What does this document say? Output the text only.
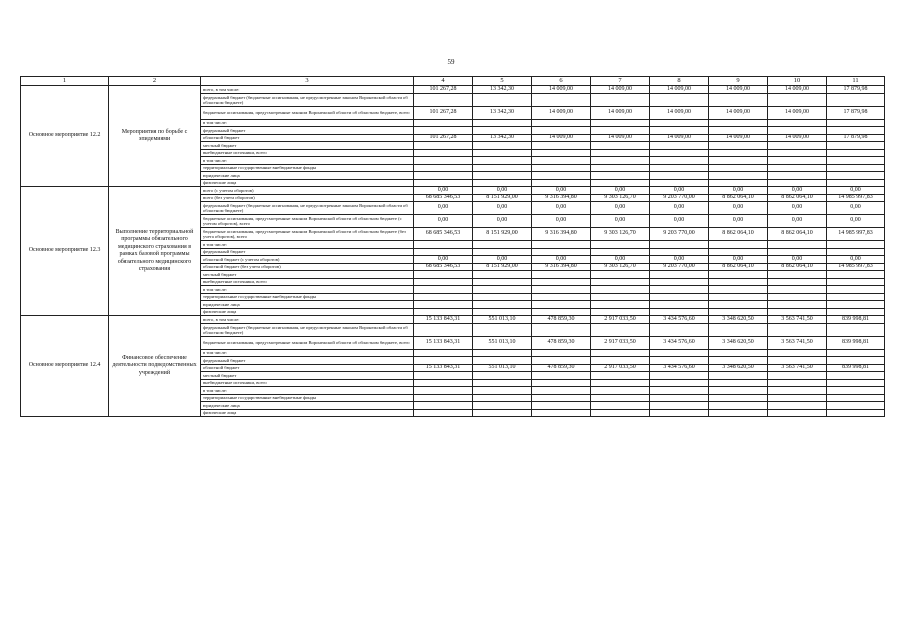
59
1	2	3	4	5	6	7	8	9	10	11
Основное мероприятие 12.2	Мероприятия по борьбе с эпидемиями	всего, в том числе:	101 267,28	13 342,30	14 009,00	14 009,00	14 009,00	14 009,00	14 009,00	17 879,98
		федеральный бюджет (бюджетные ассигнования, не предусмотренные законом Воронежской области об областном бюджете)								
		бюджетные ассигнования, предусмотренные законом Воронежской области об областном бюджете, всего	101 267,28	13 342,30	14 009,00	14 009,00	14 009,00	14 009,00	14 009,00	17 879,98
		в том числе:								
		федеральный бюджет								
		областной бюджет	101 267,28	13 342,30	14 009,00	14 009,00	14 009,00	14 009,00	14 009,00	17 879,98
		местный бюджет								
		внебюджетные источники, всего								
		в том числе:								
		территориальные государственные внебюджетные фонды								
		юридические лица								
		физические лица								
Основное мероприятие 12.3	Выполнение территориальной программы обязательного медицинского страхования в рамках базовой программы обязательного медицинского страхования	всего (с учетом оборотов)	0,00	0,00	0,00	0,00	0,00	0,00	0,00	0,00
		всего (без учета оборотов)	68 685 346,53	8 151 929,00	9 316 394,80	9 303 126,70	9 203 770,00	8 862 064,10	8 862 064,10	14 985 997,83
		федеральный бюджет (бюджетные ассигнования, не предусмотренные законом Воронежской области об областном бюджете)	0,00	0,00	0,00	0,00	0,00	0,00	0,00	0,00
		бюджетные ассигнования, предусмотренные законом Воронежской области об областном бюджете (с учетом оборотов), всего	0,00	0,00	0,00	0,00	0,00	0,00	0,00	0,00
		бюджетные ассигнования, предусмотренные законом Воронежской области об областном бюджете (без учета оборотов), всего	68 685 346,53	8 151 929,00	9 316 394,80	9 303 126,70	9 203 770,00	8 862 064,10	8 862 064,10	14 985 997,83
		в том числе:								
		федеральный бюджет								
		областной бюджет (с учетом оборотов)	0,00	0,00	0,00	0,00	0,00	0,00	0,00	0,00
		областной бюджет (без учета оборотов)	68 685 346,53	8 151 929,00	9 316 394,80	9 303 126,70	9 203 770,00	8 862 064,10	8 862 064,10	14 985 997,83
		местный бюджет								
		внебюджетные источники, всего								
		в том числе:								
		территориальные государственные внебюджетные фонды								
		юридические лица								
		физические лица								
Основное мероприятие 12.4	Финансовое обеспечение деятельности подведомственных учреждений	всего, в том числе:	15 133 843,31	551 013,10	478 859,30	2 917 033,50	3 434 576,60	3 348 620,50	3 563 741,50	839 998,81
		федеральный бюджет (бюджетные ассигнования, не предусмотренные законом Воронежской области об областном бюджете)								
		бюджетные ассигнования, предусмотренные законом Воронежской области об областном бюджете, всего	15 133 843,31	551 013,10	478 859,30	2 917 033,50	3 434 576,60	3 348 620,50	3 563 741,50	839 998,81
		в том числе:								
		федеральный бюджет								
		областной бюджет	15 133 843,31	551 013,10	478 859,30	2 917 033,50	3 434 576,60	3 348 620,50	3 563 741,50	839 998,81
		местный бюджет								
		внебюджетные источники, всего								
		в том числе:								
		территориальные государственные внебюджетные фонды								
		юридические лица								
		физические лица								
